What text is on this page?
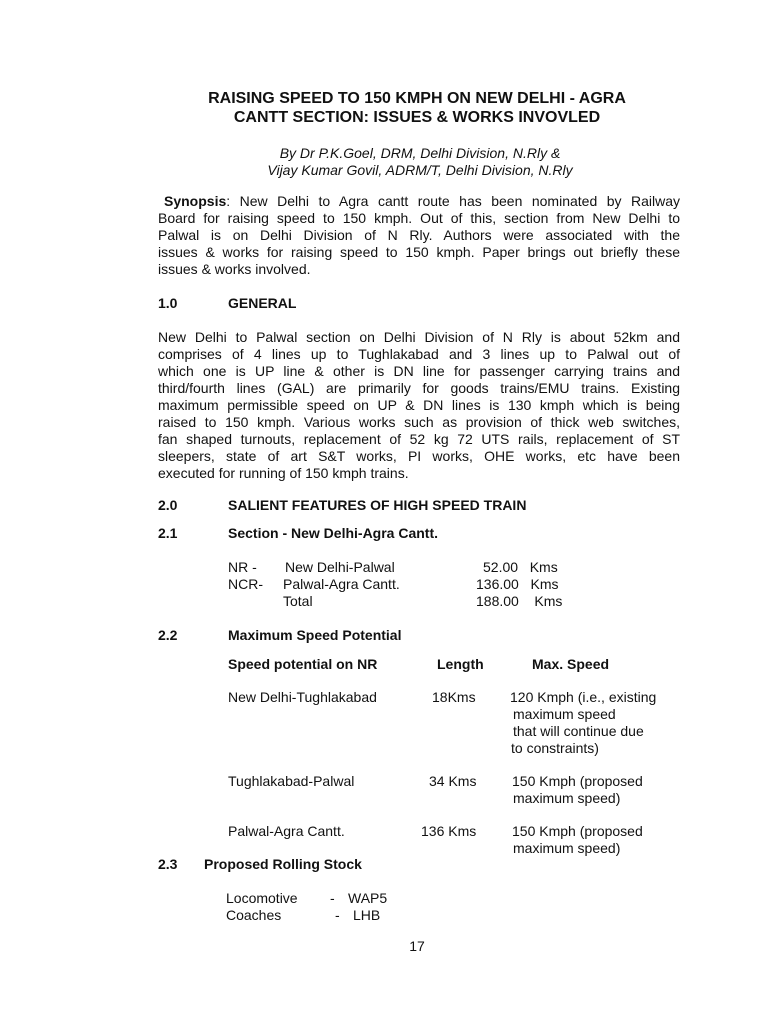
RAISING SPEED TO 150 KMPH ON NEW DELHI - AGRA
CANTT SECTION: ISSUES & WORKS INVOVLED
By Dr P.K.Goel, DRM, Delhi Division, N.Rly &
Vijay Kumar Govil, ADRM/T, Delhi Division, N.Rly
Synopsis: New Delhi to Agra cantt route has been nominated by Railway
Board for raising speed to 150 kmph. Out of this, section from New Delhi to
Palwal is on Delhi Division of N Rly. Authors were associated with the
issues & works for raising speed to 150 kmph. Paper brings out briefly these
issues & works involved.
1.0	GENERAL
New Delhi to Palwal section on Delhi Division of N Rly is about 52km and
comprises of 4 lines up to Tughlakabad and 3 lines up to Palwal out of
which one is UP line & other is DN line for passenger carrying trains and
third/fourth lines (GAL) are primarily for goods trains/EMU trains. Existing
maximum permissible speed on UP & DN lines is 130 kmph which is being
raised to 150 kmph. Various works such as provision of thick web switches,
fan shaped turnouts, replacement of 52 kg 72 UTS rails, replacement of ST
sleepers, state of art S&T works, PI works, OHE works, etc have been
executed for running of 150 kmph trains.
2.0	SALIENT FEATURES OF HIGH SPEED TRAIN
2.1	Section - New Delhi-Agra Cantt.
NR - New Delhi-Palwal	52.00   Kms
NCR- Palwal-Agra Cantt.	136.00   Kms
Total	188.00    Kms
2.2	Maximum Speed Potential
Speed potential on NR	Length	Max. Speed
New Delhi-Tughlakabad	18Kms 120 Kmph (i.e., existing
maximum speed
that will continue due
to constraints)
Tughlakabad-Palwal	34 Kms	150 Kmph (proposed
maximum speed)
Palwal-Agra Cantt.	136 Kms	150 Kmph (proposed
maximum speed)
2.3 Proposed Rolling Stock
Locomotive - WAP5
Coaches	- LHB
17
